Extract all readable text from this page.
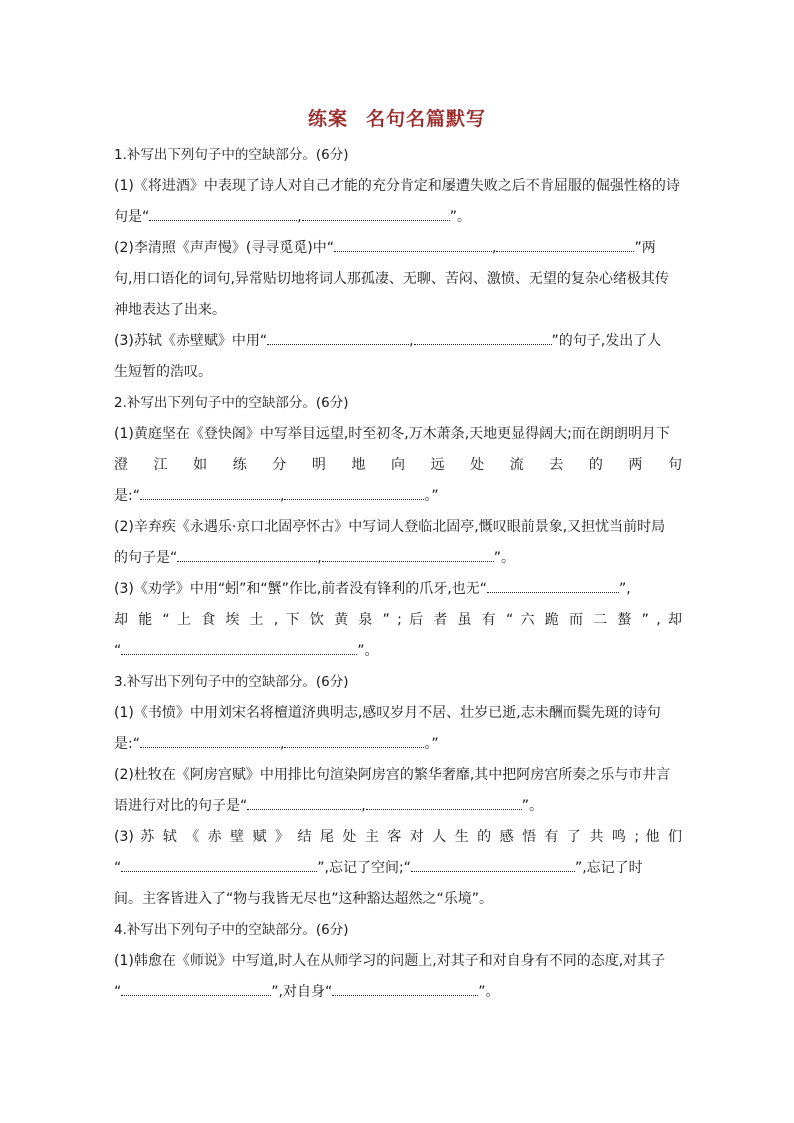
练案 名句名篇默写
1.补写出下列句子中的空缺部分。(6分)
(1)《将进酒》中表现了诗人对自己才能的充分肯定和屡遭失败之后不肯屈服的倔强性格的诗
句是“	,	”。
(2)李清照《声声慢》(寻寻觅觅)中“	,	”两
句,用口语化的词句,异常贴切地将词人那孤凄、无聊、苦闷、激愤、无望的复杂心绪极其传
神地表达了出来。
(3)苏轼《赤壁赋》中用“	,	”的句子,发出了人
生短暂的浩叹。
2.补写出下列句子中的空缺部分。(6分)
(1)黄庭坚在《登快阁》中写举目远望,时至初冬,万木萧条,天地更显得阔大;而在朗朗明月下
澄 江 如 练 分 明 地 向 远 处 流 去 的 两 句
是:“	,	。”
(2)辛弃疾《永遇乐·京口北固亭怀古》中写词人登临北固亭,慨叹眼前景象,又担忧当前时局
的句子是“	,	”。
(3)《劝学》中用“蚓”和“蟹”作比,前者没有锋利的爪牙,也无“	”,
却 能 “ 上 食 埃 土 , 下 饮 黄 泉 ” ; 后 者 虽 有 “ 六 跪 而 二 螯 ” , 却
“	”。
3.补写出下列句子中的空缺部分。(6分)
(1)《书愤》中用刘宋名将檀道济典明志,感叹岁月不居、壮岁已逝,志未酬而鬓先斑的诗句
是:“	,	。”
(2)杜牧在《阿房宫赋》中用排比句渲染阿房宫的繁华奢靡,其中把阿房宫所奏之乐与市井言
语进行对比的句子是“	,	”。
(3) 苏 轼 《 赤 壁 赋 》 结 尾 处 主 客 对 人 生 的 感 悟 有 了 共 鸣 ; 他 们
“	”,忘记了空间;“	”,忘记了时
间。主客皆进入了“物与我皆无尽也”这种豁达超然之“乐境”。
4.补写出下列句子中的空缺部分。(6分)
(1)韩愈在《师说》中写道,时人在从师学习的问题上,对其子和对自身有不同的态度,对其子
“	”,对自身“	”。
